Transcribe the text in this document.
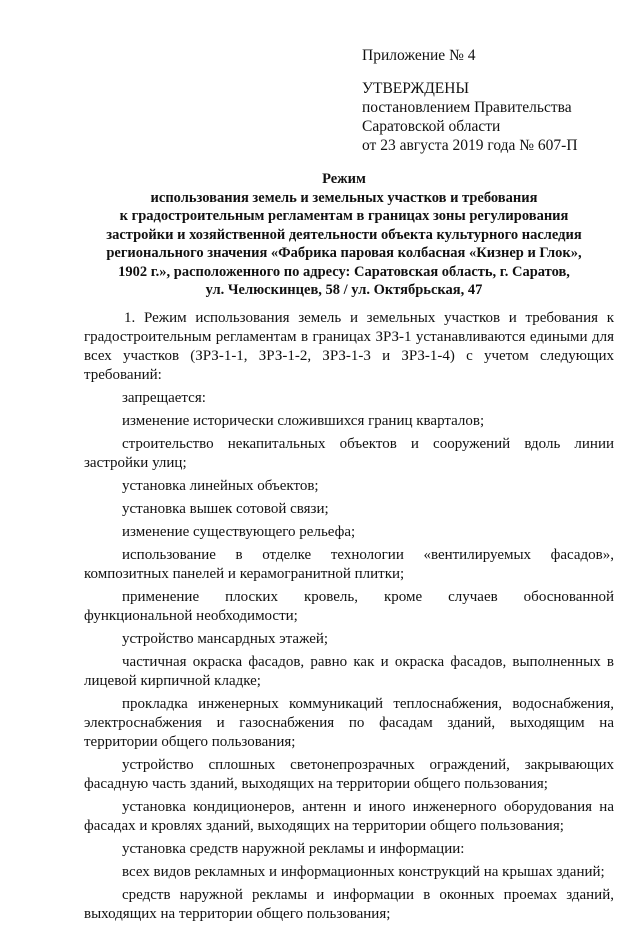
Приложение № 4
УТВЕРЖДЕНЫ
постановлением Правительства
Саратовской области
от 23 августа 2019 года № 607-П
Режим
использования земель и земельных участков и требования
к градостроительным регламентам в границах зоны регулирования
застройки и хозяйственной деятельности объекта культурного наследия
регионального значения «Фабрика паровая колбасная «Кизнер и Глок»,
1902 г.», расположенного по адресу: Саратовская область, г. Саратов,
ул. Челюскинцев, 58 / ул. Октябрьская, 47

1. Режим использования земель и земельных участков и требования к градостроительным регламентам в границах ЗРЗ-1 устанавливаются едиными для всех участков (ЗРЗ-1-1, ЗРЗ-1-2, ЗРЗ-1-3 и ЗРЗ-1-4) с учетом следующих требований:

запрещается:

изменение исторически сложившихся границ кварталов;

строительство некапитальных объектов и сооружений вдоль линии застройки улиц;

установка линейных объектов;

установка вышек сотовой связи;

изменение существующего рельефа;

использование в отделке технологии «вентилируемых фасадов», композитных панелей и керамогранитной плитки;

применение плоских кровель, кроме случаев обоснованной функциональной необходимости;

устройство мансардных этажей;

частичная окраска фасадов, равно как и окраска фасадов, выполненных в лицевой кирпичной кладке;

прокладка инженерных коммуникаций теплоснабжения, водоснабжения, электроснабжения и газоснабжения по фасадам зданий, выходящим на территории общего пользования;

устройство сплошных светонепрозрачных ограждений, закрывающих фасадную часть зданий, выходящих на территории общего пользования;

установка кондиционеров, антенн и иного инженерного оборудования на фасадах и кровлях зданий, выходящих на территории общего пользования;

установка средств наружной рекламы и информации:

всех видов рекламных и информационных конструкций на крышах зданий;

средств наружной рекламы и информации в оконных проемах зданий, выходящих на территории общего пользования;
